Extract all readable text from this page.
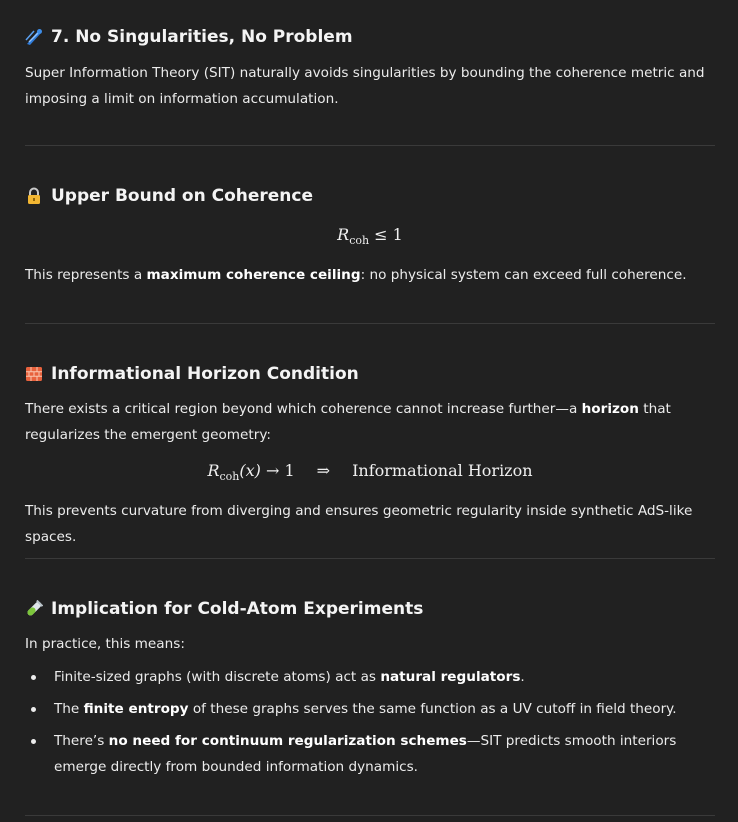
7. No Singularities, No Problem

Super Information Theory (SIT) naturally avoids singularities by bounding the coherence metric and imposing a limit on information accumulation.

Upper Bound on Coherence
$R_{coh} \le 1$

This represents a maximum coherence ceiling: no physical system can exceed full coherence.

Informational Horizon Condition

There exists a critical region beyond which coherence cannot increase further—a horizon that regularizes the emergent geometry:

$R_{coh}(x) \to 1$ ⇒ Informational Horizon

This prevents curvature from diverging and ensures geometric regularity inside synthetic AdS-like spaces.

Implication for Cold-Atom Experiments

In practice, this means:

Finite-sized graphs (with discrete atoms) act as natural regulators.
The finite entropy of these graphs serves the same function as a UV cutoff in field theory.
There’s no need for continuum regularization schemes—SIT predicts smooth interiors emerge directly from bounded information dynamics.
